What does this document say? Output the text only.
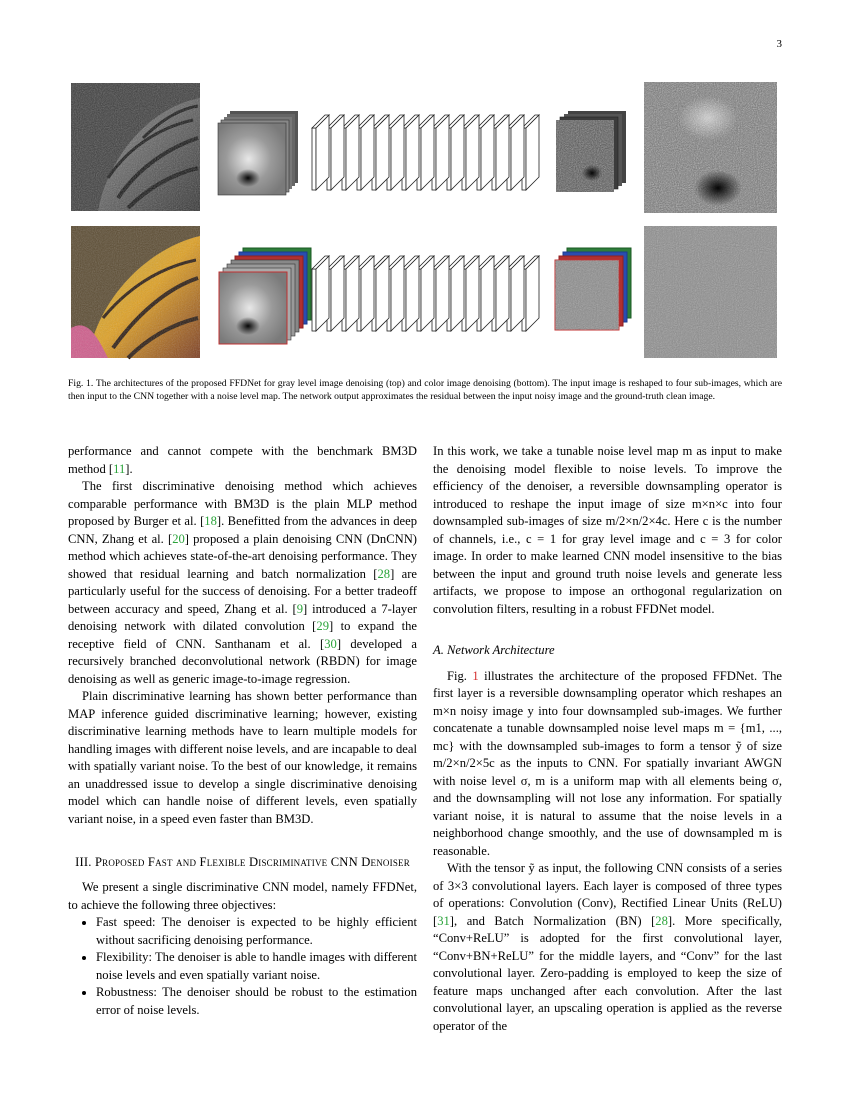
3
Fig. 1. The architectures of the proposed FFDNet for gray level image denoising (top) and color image denoising (bottom). The input image is reshaped to four sub-images, which are then input to the CNN together with a noise level map. The network output approximates the residual between the input noisy image and the ground-truth clean image.

performance and cannot compete with the benchmark BM3D method [11].

The first discriminative denoising method which achieves comparable performance with BM3D is the plain MLP method proposed by Burger et al. [18]. Benefitted from the advances in deep CNN, Zhang et al. [20] proposed a plain denoising CNN (DnCNN) method which achieves state-of-the-art denoising performance. They showed that residual learning and batch normalization [28] are particularly useful for the success of denoising. For a better tradeoff between accuracy and speed, Zhang et al. [9] introduced a 7-layer denoising network with dilated convolution [29] to expand the receptive field of CNN. Santhanam et al. [30] developed a recursively branched deconvolutional network (RBDN) for image denoising as well as generic image-to-image regression.

Plain discriminative learning has shown better performance than MAP inference guided discriminative learning; however, existing discriminative learning methods have to learn multiple models for handling images with different noise levels, and are incapable to deal with spatially variant noise. To the best of our knowledge, it remains an unaddressed issue to develop a single discriminative denoising model which can handle noise of different levels, even spatially variant noise, in a speed even faster than BM3D.

III. Proposed Fast and Flexible Discriminative CNN Denoiser

We present a single discriminative CNN model, namely FFDNet, to achieve the following three objectives:

• Fast speed: The denoiser is expected to be highly efficient without sacrificing denoising performance.
• Flexibility: The denoiser is able to handle images with different noise levels and even spatially variant noise.
• Robustness: The denoiser should be robust to the estimation error of noise levels.

In this work, we take a tunable noise level map m as input to make the denoising model flexible to noise levels. To improve the efficiency of the denoiser, a reversible downsampling operator is introduced to reshape the input image of size m×n×c into four downsampled sub-images of size m/2×n/2×4c. Here c is the number of channels, i.e., c = 1 for gray level image and c = 3 for color image. In order to make learned CNN model insensitive to the bias between the input and ground truth noise levels and generate less artifacts, we propose to impose an orthogonal regularization on convolution filters, resulting in a robust FFDNet model.

A. Network Architecture

Fig. 1 illustrates the architecture of the proposed FFDNet. The first layer is a reversible downsampling operator which reshapes an m×n noisy image y into four downsampled sub-images. We further concatenate a tunable downsampled noise level maps m = {m1, ..., mc} with the downsampled sub-images to form a tensor ỹ of size m/2×n/2×5c as the inputs to CNN. For spatially invariant AWGN with noise level σ, m is a uniform map with all elements being σ, and the downsampling will not lose any information. For spatially variant noise, it is natural to assume that the noise levels in a neighborhood change smoothly, and the use of downsampled m is reasonable.

With the tensor ỹ as input, the following CNN consists of a series of 3×3 convolutional layers. Each layer is composed of three types of operations: Convolution (Conv), Rectified Linear Units (ReLU) [31], and Batch Normalization (BN) [28]. More specifically, “Conv+ReLU” is adopted for the first convolutional layer, “Conv+BN+ReLU” for the middle layers, and “Conv” for the last convolutional layer. Zero-padding is employed to keep the size of feature maps unchanged after each convolution. After the last convolutional layer, an upscaling operation is applied as the reverse operator of the
